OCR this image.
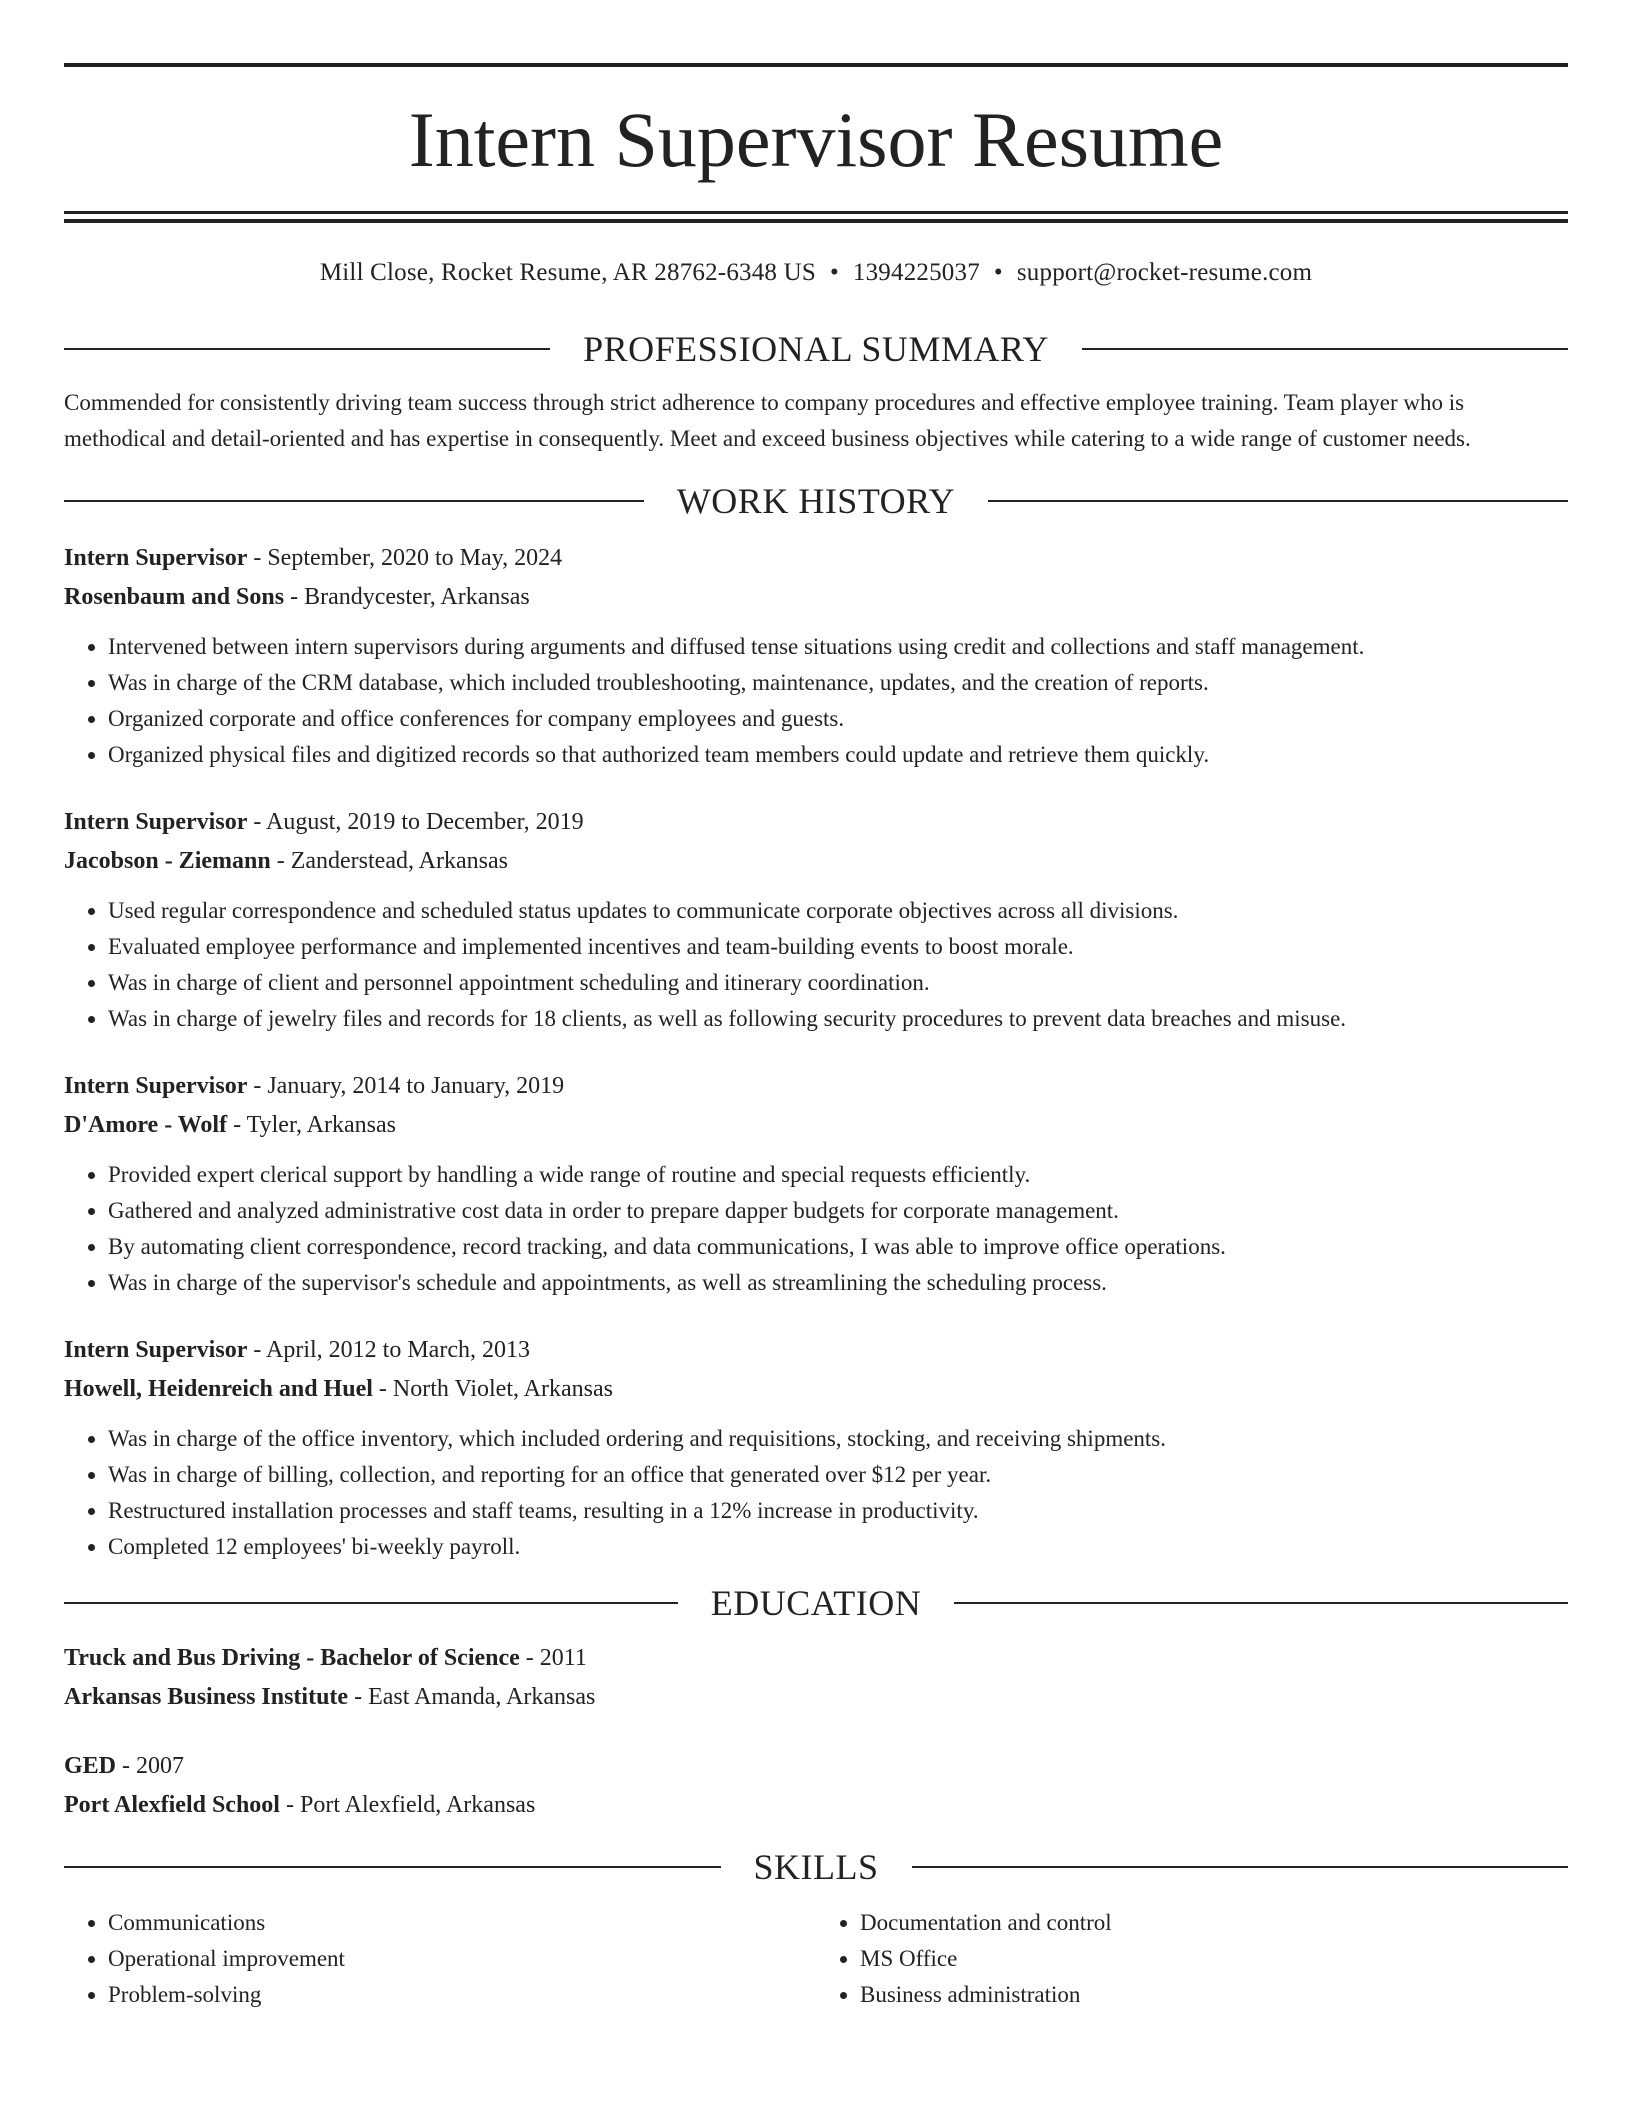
Intern Supervisor Resume
Mill Close, Rocket Resume, AR 28762-6348 US • 1394225037 • support@rocket-resume.com
PROFESSIONAL SUMMARY
Commended for consistently driving team success through strict adherence to company procedures and effective employee training. Team player who is methodical and detail-oriented and has expertise in consequently. Meet and exceed business objectives while catering to a wide range of customer needs.
WORK HISTORY
Intern Supervisor - September, 2020 to May, 2024
Rosenbaum and Sons - Brandycester, Arkansas
• Intervened between intern supervisors during arguments and diffused tense situations using credit and collections and staff management.
• Was in charge of the CRM database, which included troubleshooting, maintenance, updates, and the creation of reports.
• Organized corporate and office conferences for company employees and guests.
• Organized physical files and digitized records so that authorized team members could update and retrieve them quickly.
Intern Supervisor - August, 2019 to December, 2019
Jacobson - Ziemann - Zanderstead, Arkansas
• Used regular correspondence and scheduled status updates to communicate corporate objectives across all divisions.
• Evaluated employee performance and implemented incentives and team-building events to boost morale.
• Was in charge of client and personnel appointment scheduling and itinerary coordination.
• Was in charge of jewelry files and records for 18 clients, as well as following security procedures to prevent data breaches and misuse.
Intern Supervisor - January, 2014 to January, 2019
D'Amore - Wolf - Tyler, Arkansas
• Provided expert clerical support by handling a wide range of routine and special requests efficiently.
• Gathered and analyzed administrative cost data in order to prepare dapper budgets for corporate management.
• By automating client correspondence, record tracking, and data communications, I was able to improve office operations.
• Was in charge of the supervisor's schedule and appointments, as well as streamlining the scheduling process.
Intern Supervisor - April, 2012 to March, 2013
Howell, Heidenreich and Huel - North Violet, Arkansas
• Was in charge of the office inventory, which included ordering and requisitions, stocking, and receiving shipments.
• Was in charge of billing, collection, and reporting for an office that generated over $12 per year.
• Restructured installation processes and staff teams, resulting in a 12% increase in productivity.
• Completed 12 employees' bi-weekly payroll.
EDUCATION
Truck and Bus Driving - Bachelor of Science - 2011
Arkansas Business Institute - East Amanda, Arkansas
GED - 2007
Port Alexfield School - Port Alexfield, Arkansas
SKILLS
• Communications
• Operational improvement
• Problem-solving
• Documentation and control
• MS Office
• Business administration
